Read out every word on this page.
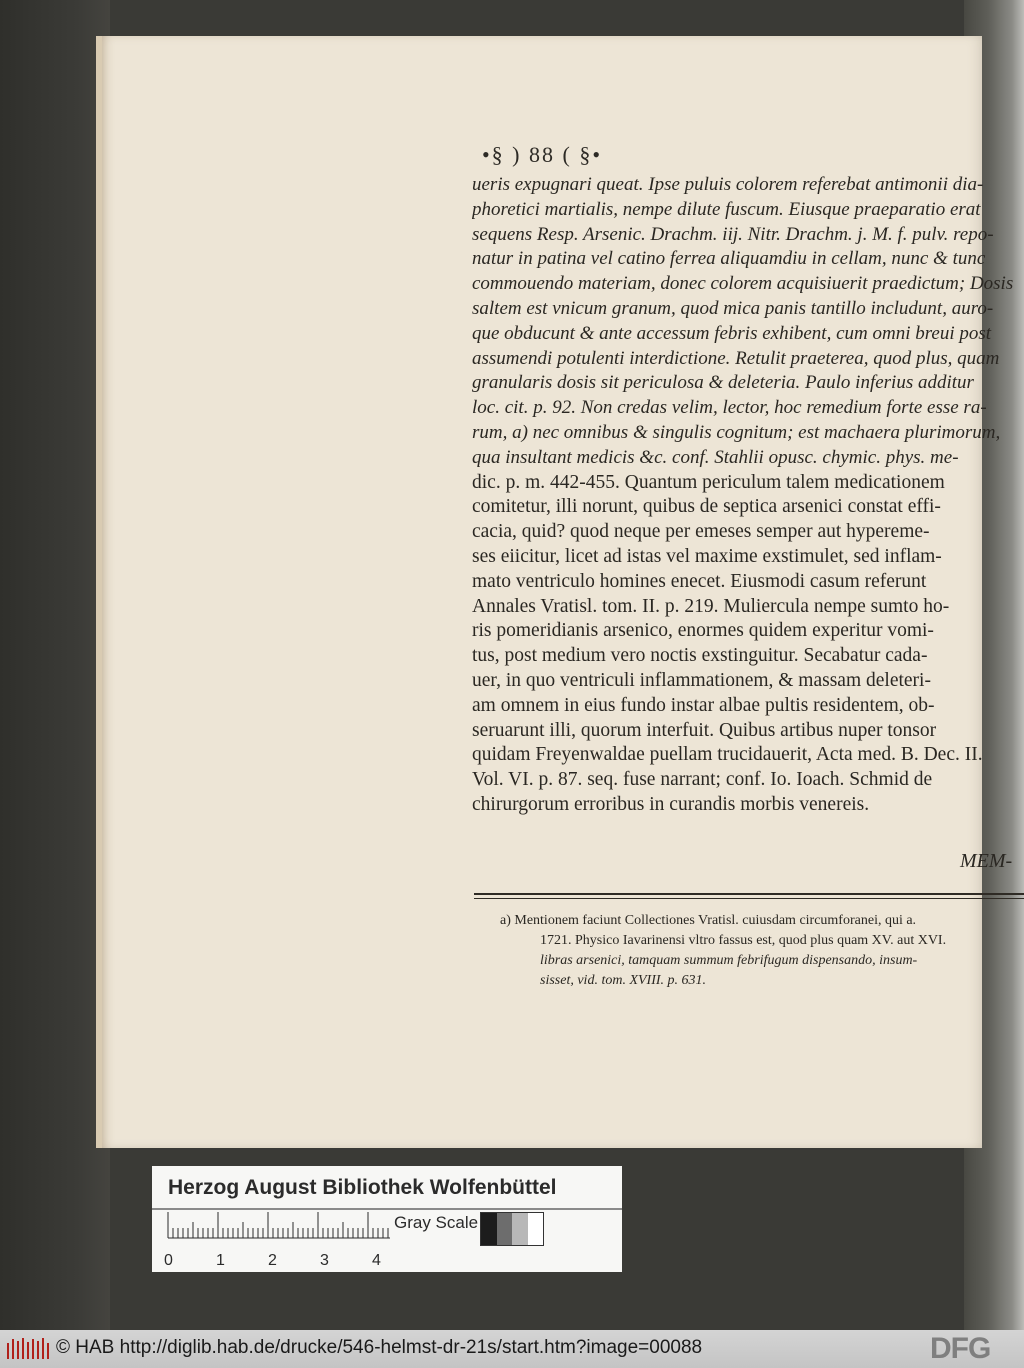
•§ ) 88 ( §•
ueris expugnari queat. Ipse puluis colorem referebat antimonii dia-
phoretici martialis, nempe dilute fuscum. Eiusque praeparatio erat
sequens Resp. Arsenic. Drachm. iij. Nitr. Drachm. j. M. f. pulv. repo-
natur in patina vel catino ferrea aliquamdiu in cellam, nunc & tunc
commouendo materiam, donec colorem acquisiuerit praedictum; Dosis
saltem est vnicum granum, quod mica panis tantillo includunt, auro-
que obducunt & ante accessum febris exhibent, cum omni breui post
assumendi potulenti interdictione. Retulit praeterea, quod plus, quam
granularis dosis sit periculosa & deleteria. Paulo inferius additur
loc. cit. p. 92. Non credas velim, lector, hoc remedium forte esse ra-
rum, a) nec omnibus & singulis cognitum; est machaera plurimorum,
qua insultant medicis &c. conf. Stahlii opusc. chymic. phys. me-
dic. p. m. 442-455. Quantum periculum talem medicationem
comitetur, illi norunt, quibus de septica arsenici constat effi-
cacia, quid? quod neque per emeses semper aut hypereme-
ses eiicitur, licet ad istas vel maxime exstimulet, sed inflam-
mato ventriculo homines enecet. Eiusmodi casum referunt
Annales Vratisl. tom. II. p. 219. Muliercula nempe sumto ho-
ris pomeridianis arsenico, enormes quidem experitur vomi-
tus, post medium vero noctis exstinguitur. Secabatur cada-
uer, in quo ventriculi inflammationem, & massam deleteri-
am omnem in eius fundo instar albae pultis residentem, ob-
seruarunt illi, quorum interfuit. Quibus artibus nuper tonsor
quidam Freyenwaldae puellam trucidauerit, Acta med. B. Dec. II.
Vol. VI. p. 87. seq. fuse narrant; conf. Io. Ioach. Schmid de
chirurgorum erroribus in curandis morbis venereis.
MEM-
a) Mentionem faciunt Collectiones Vratisl. cuiusdam circumforanei, qui a.
1721. Physico Iavarinensi vltro fassus est, quod plus quam XV. aut XVI.
libras arsenici, tamquam summum febrifugum dispensando, insum-
sisset, vid. tom. XVIII. p. 631.
Herzog August Bibliothek Wolfenbüttel
0	1	2	3	4
Gray Scale
© HAB http://diglib.hab.de/drucke/546-helmst-dr-21s/start.htm?image=00088	DFG
